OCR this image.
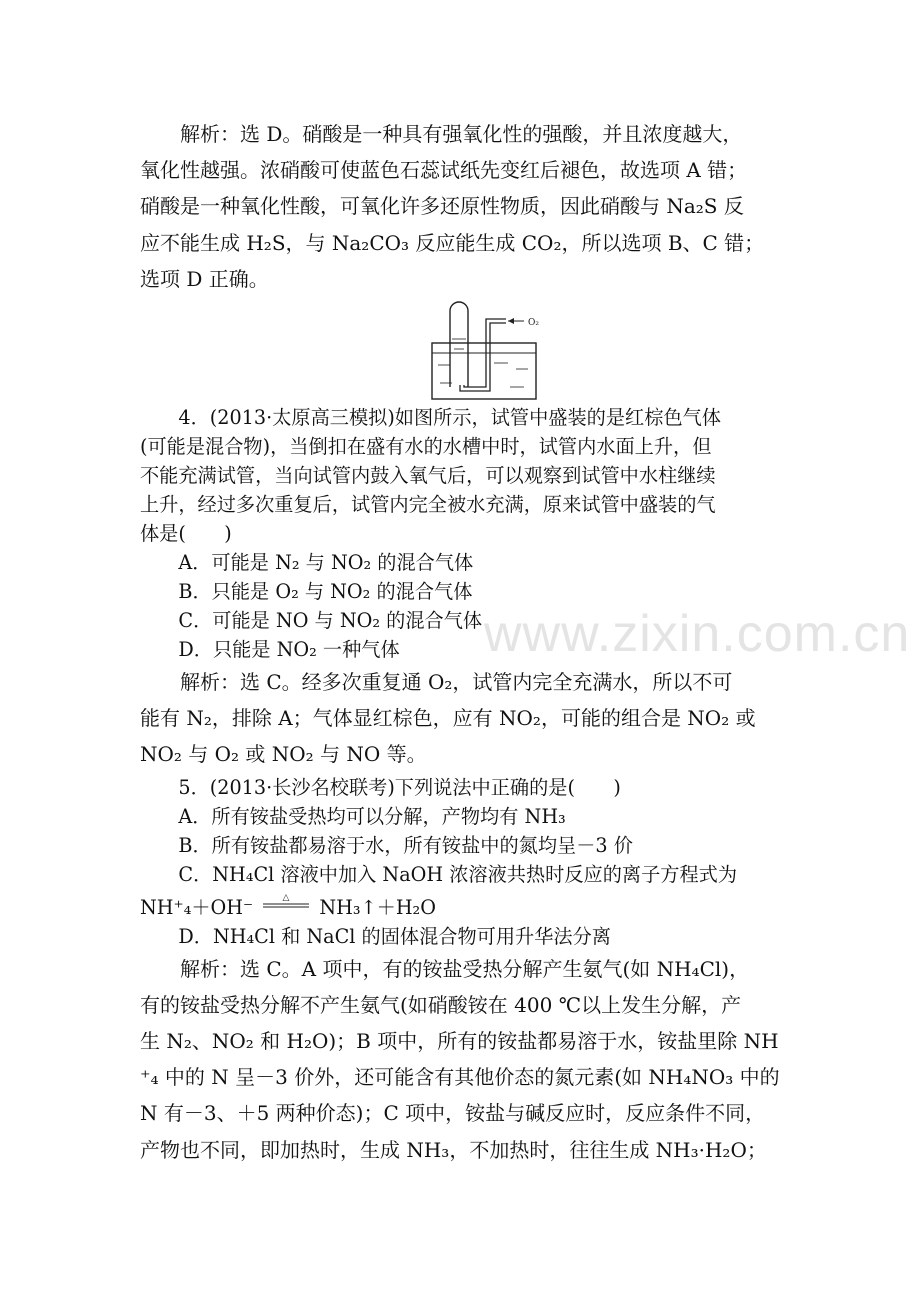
www.zixin.com.cn

解析：选 D。硝酸是一种具有强氧化性的强酸，并且浓度越大，

氧化性越强。浓硝酸可使蓝色石蕊试纸先变红后褪色，故选项 A 错；

硝酸是一种氧化性酸，可氧化许多还原性物质，因此硝酸与 Na₂S 反

应不能生成 H₂S，与 Na₂CO₃ 反应能生成 CO₂，所以选项 B、C 错；

选项 D 正确。

O₂

4．(2013·太原高三模拟)如图所示，试管中盛装的是红棕色气体

(可能是混合物)，当倒扣在盛有水的水槽中时，试管内水面上升，但

不能充满试管，当向试管内鼓入氧气后，可以观察到试管中水柱继续

上升，经过多次重复后，试管内完全被水充满，原来试管中盛装的气

体是(　　)

A．可能是 N₂ 与 NO₂ 的混合气体

B．只能是 O₂ 与 NO₂ 的混合气体

C．可能是 NO 与 NO₂ 的混合气体

D．只能是 NO₂ 一种气体

解析：选 C。经多次重复通 O₂，试管内完全充满水，所以不可

能有 N₂，排除 A；气体显红棕色，应有 NO₂，可能的组合是 NO₂ 或

NO₂ 与 O₂ 或 NO₂ 与 NO 等。

5．(2013·长沙名校联考)下列说法中正确的是(　　)

A．所有铵盐受热均可以分解，产物均有 NH₃

B．所有铵盐都易溶于水，所有铵盐中的氮均呈－3 价

C．NH₄Cl 溶液中加入 NaOH 浓溶液共热时反应的离子方程式为

NH⁺₄＋OH⁻	△ NH₃↑＋H₂O

D．NH₄Cl 和 NaCl 的固体混合物可用升华法分离

解析：选 C。A 项中，有的铵盐受热分解产生氨气(如 NH₄Cl)，

有的铵盐受热分解不产生氨气(如硝酸铵在 400 ℃以上发生分解，产

生 N₂、NO₂ 和 H₂O)；B 项中，所有的铵盐都易溶于水，铵盐里除 NH

⁺₄ 中的 N 呈－3 价外，还可能含有其他价态的氮元素(如 NH₄NO₃ 中的

N 有－3、＋5 两种价态)；C 项中，铵盐与碱反应时，反应条件不同，

产物也不同，即加热时，生成 NH₃，不加热时，往往生成 NH₃·H₂O；
